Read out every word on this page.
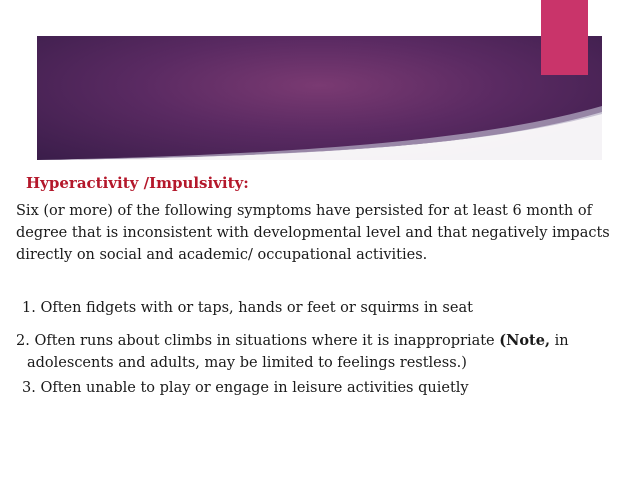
Hyperactivity /Impulsivity:

Six (or more) of the following symptoms have persisted for at least 6 month of degree that is inconsistent with developmental level and that negatively impacts directly on social and academic/ occupational activities.

1. Often fidgets with or taps, hands or feet or squirms in seat

2. Often runs about climbs in situations where it is inappropriate (Note, in
adolescents and adults, may be limited to feelings restless.)

3. Often unable to play or engage in leisure activities quietly
